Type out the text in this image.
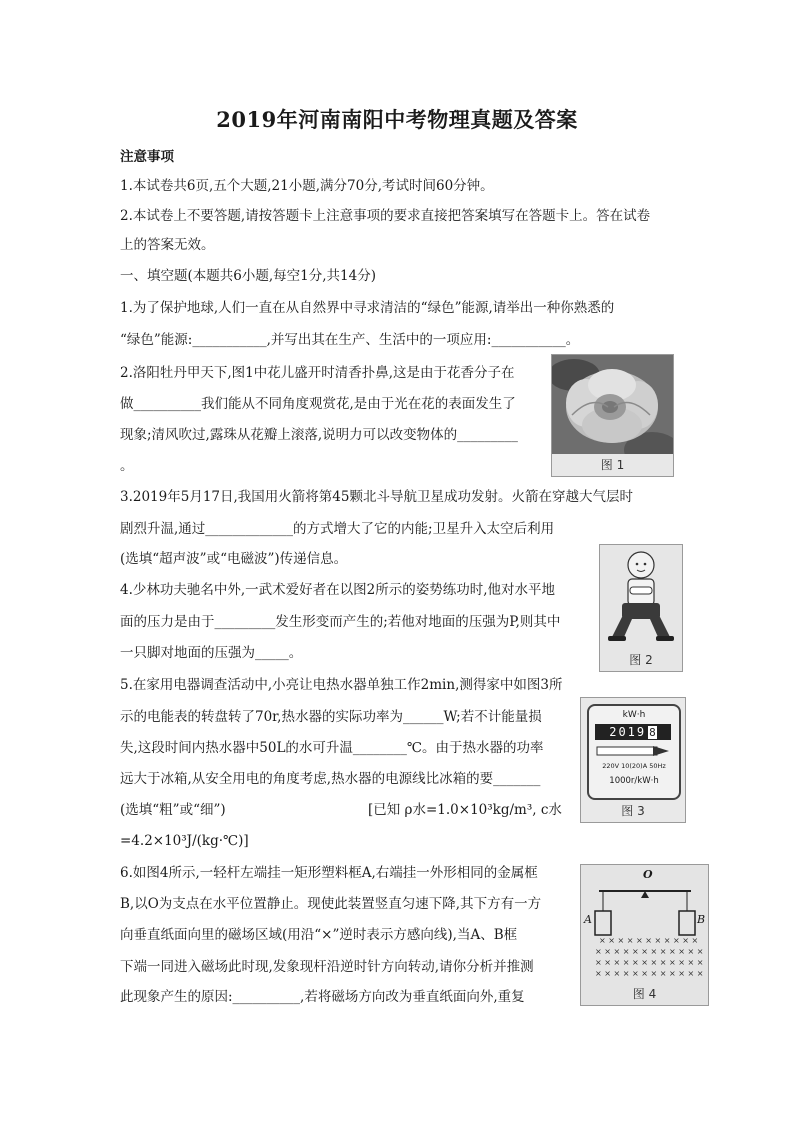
2019年河南南阳中考物理真题及答案
注意事项
1.本试卷共6页,五个大题,21小题,满分70分,考试时间60分钟。
2.本试卷上不要答题,请按答题卡上注意事项的要求直接把答案填写在答题卡上。答在试卷
上的答案无效。
一、填空题(本题共6小题,每空1分,共14分)
1.为了保护地球,人们一直在从自然界中寻求清洁的“绿色”能源,请举出一种你熟悉的
“绿色”能源:___________,并写出其在生产、生活中的一项应用:___________。
2.洛阳牡丹甲天下,图1中花儿盛开时清香扑鼻,这是由于花香分子在
做__________我们能从不同角度观赏花,是由于光在花的表面发生了
现象;清风吹过,露珠从花瓣上滚落,说明力可以改变物体的_________
。	图 1
3.2019年5月17日,我国用火箭将第45颗北斗导航卫星成功发射。火箭在穿越大气层时
剧烈升温,通过_____________的方式增大了它的内能;卫星升入太空后利用
(选填“超声波”或“电磁波”)传递信息。
4.少林功夫驰名中外,一武术爱好者在以图2所示的姿势练功时,他对水平地
面的压力是由于_________发生形变而产生的;若他对地面的压强为P,则其中
一只脚对地面的压强为_____。	图 2
5.在家用电器调查活动中,小亮让电热水器单独工作2min,测得家中如图3所
示的电能表的转盘转了70r,热水器的实际功率为______W;若不计能量损
失,这段时间内热水器中50L的水可升温________℃。由于热水器的功率
远大于冰箱,从安全用电的角度考虑,热水器的电源线比冰箱的要_______
(选填“粗”或“细”)	[已知 ρ水=1.0×10³kg/m³, c水
=4.2×10³J/(kg·℃)]
kW·h
2019 8
220V 10(20)A 50Hz
1000r/kW·h
图 3
6.如图4所示,一轻杆左端挂一矩形塑料框A,右端挂一外形相同的金属框
B,以O为支点在水平位置静止。现使此装置竖直匀速下降,其下方有一方
向垂直纸面向里的磁场区域(用沿“×”逆时表示方感向线),当A、B框
下端一同进入磁场此时现,发象现杆沿逆时针方向转动,请你分析并推测
此现象产生的原因:__________,若将磁场方向改为垂直纸面向外,重复
× × × × × × × × × × ×
× × × × × × × × × × × ×
× × × × × × × × × × × ×
× × × × × × × × × × × ×
O
A	B
图 4
